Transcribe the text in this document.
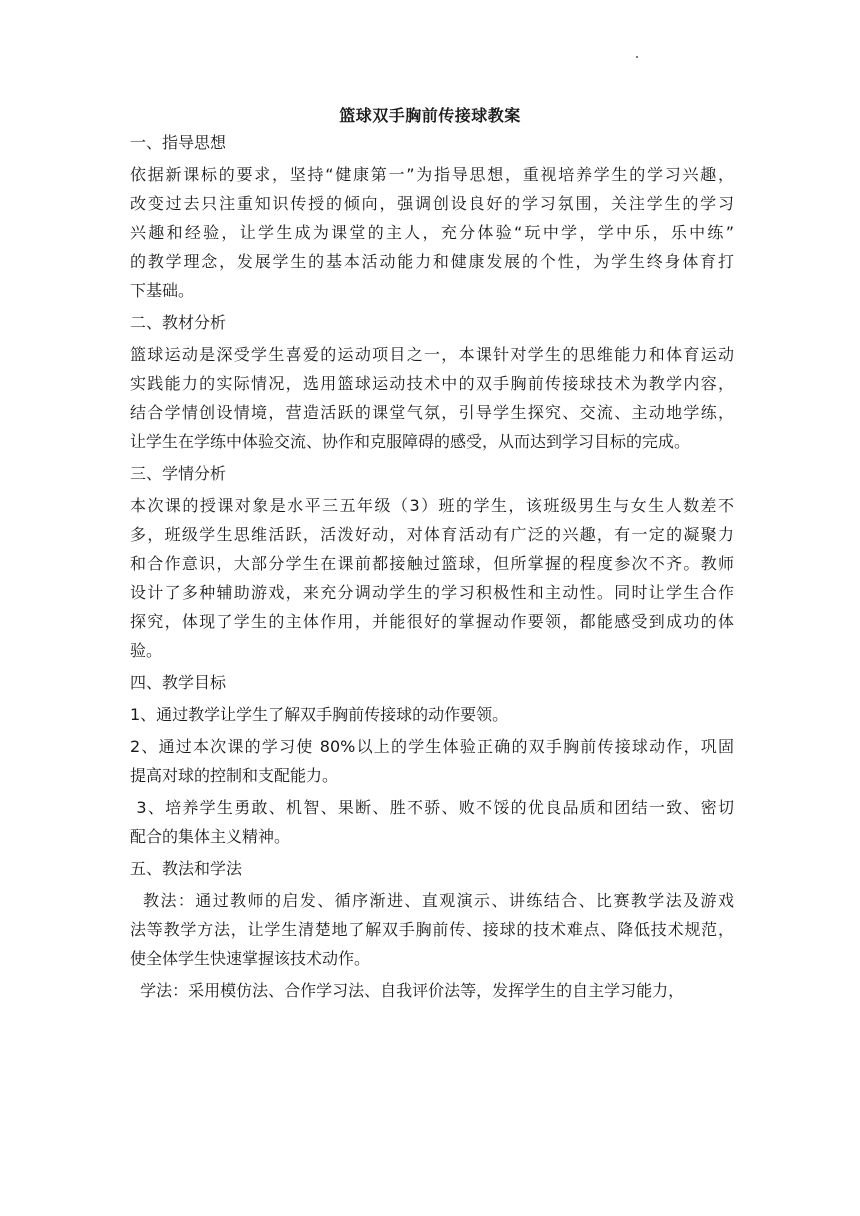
篮球双手胸前传接球教案
一、指导思想
依据新课标的要求，坚持“健康第一”为指导思想，重视培养学生的学习兴趣，
改变过去只注重知识传授的倾向，强调创设良好的学习氛围，关注学生的学习
兴趣和经验，让学生成为课堂的主人，充分体验“玩中学，学中乐，乐中练”
的教学理念，发展学生的基本活动能力和健康发展的个性，为学生终身体育打
下基础。
二、教材分析
篮球运动是深受学生喜爱的运动项目之一，本课针对学生的思维能力和体育运动
实践能力的实际情况，选用篮球运动技术中的双手胸前传接球技术为教学内容，
结合学情创设情境，营造活跃的课堂气氛，引导学生探究、交流、主动地学练，
让学生在学练中体验交流、协作和克服障碍的感受，从而达到学习目标的完成。
三、学情分析
本次课的授课对象是水平三五年级（3）班的学生，该班级男生与女生人数差不
多，班级学生思维活跃，活泼好动，对体育活动有广泛的兴趣，有一定的凝聚力
和合作意识，大部分学生在课前都接触过篮球，但所掌握的程度参次不齐。教师
设计了多种辅助游戏，来充分调动学生的学习积极性和主动性。同时让学生合作
探究，体现了学生的主体作用，并能很好的掌握动作要领，都能感受到成功的体
验。
四、教学目标
1、通过教学让学生了解双手胸前传接球的动作要领。
2、通过本次课的学习使 80%以上的学生体验正确的双手胸前传接球动作，巩固
提高对球的控制和支配能力。
3、培养学生勇敢、机智、果断、胜不骄、败不馁的优良品质和团结一致、密切
配合的集体主义精神。
五、教法和学法
教法：通过教师的启发、循序渐进、直观演示、讲练结合、比赛教学法及游戏
法等教学方法，让学生清楚地了解双手胸前传、接球的技术难点、降低技术规范，
使全体学生快速掌握该技术动作。
学法：采用模仿法、合作学习法、自我评价法等，发挥学生的自主学习能力，
